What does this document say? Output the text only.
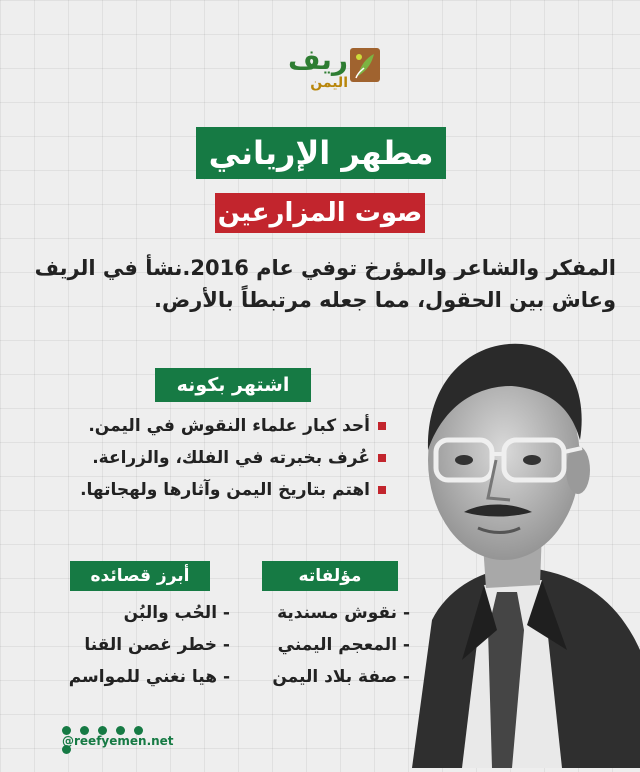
ريف
اليمن
مطهر الإرياني
صوت المزارعين
المفكر والشاعر والمؤرخ توفي عام 2016.نشأ في الريف وعاش بين الحقول، مما جعله مرتبطاً بالأرض.
اشتهر بكونه
أحد كبار علماء النقوش في اليمن.
عُرف بخبرته في الفلك، والزراعة.
اهتم بتاريخ اليمن وآثارها ولهجاتها.
مؤلفاته
- نقوش مسندية
- المعجم اليمني
- صفة بلاد اليمن
أبرز قصائده
- الحُب والبُن
- خطر غصن القنا
- هيا نغني للمواسم

@reefyemen.net
